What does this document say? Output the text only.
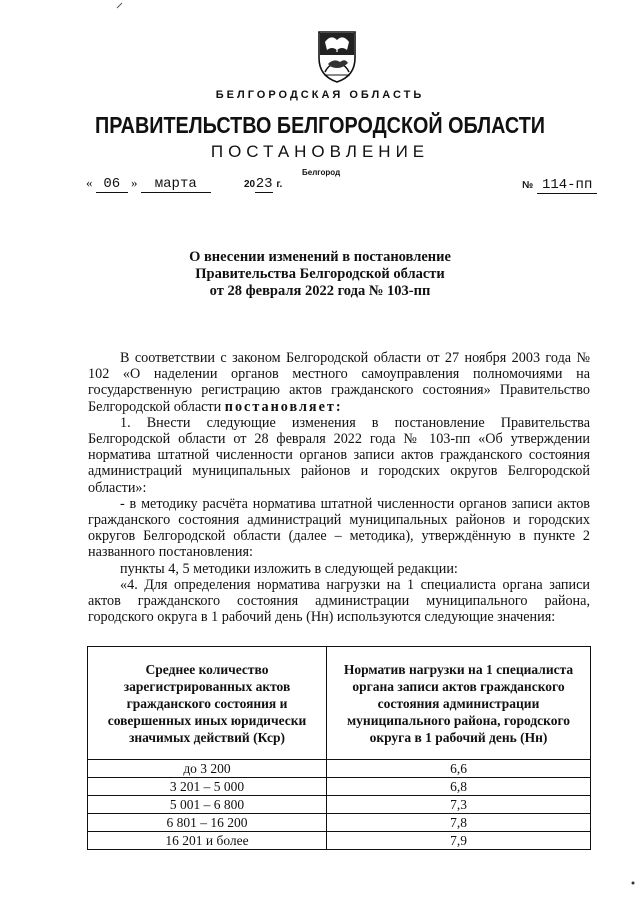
БЕЛГОРОДСКАЯ ОБЛАСТЬ
ПРАВИТЕЛЬСТВО БЕЛГОРОДСКОЙ ОБЛАСТИ
ПОСТАНОВЛЕНИЕ
Белгород
« 06 » марта	2023 г.	№ 114-пп
О внесении изменений в постановление
Правительства Белгородской области
от 28 февраля 2022 года № 103-пп

В соответствии с законом Белгородской области от 27 ноября 2003 года № 102 «О наделении органов местного самоуправления полномочиями на государственную регистрацию актов гражданского состояния» Правительство Белгородской области постановляет:

1. Внести следующие изменения в постановление Правительства Белгородской области от 28 февраля 2022 года № 103-пп «Об утверждении норматива штатной численности органов записи актов гражданского состояния администраций муниципальных районов и городских округов Белгородской области»:

- в методику расчёта норматива штатной численности органов записи актов гражданского состояния администраций муниципальных районов и городских округов Белгородской области (далее – методика), утверждённую в пункте 2 названного постановления:

пункты 4, 5 методики изложить в следующей редакции:

«4. Для определения норматива нагрузки на 1 специалиста органа записи актов гражданского состояния администрации муниципального района, городского округа в 1 рабочий день (Нн) используются следующие значения:

Среднее количество зарегистрированных актов гражданского состояния и совершенных иных юридически значимых действий (Кср)	Норматив нагрузки на 1 специалиста органа записи актов гражданского состояния администрации муниципального района, городского округа в 1 рабочий день (Нн)
до 3 200	6,6
3 201 – 5 000	6,8
5 001 – 6 800	7,3
6 801 – 16 200	7,8
16 201 и более	7,9
